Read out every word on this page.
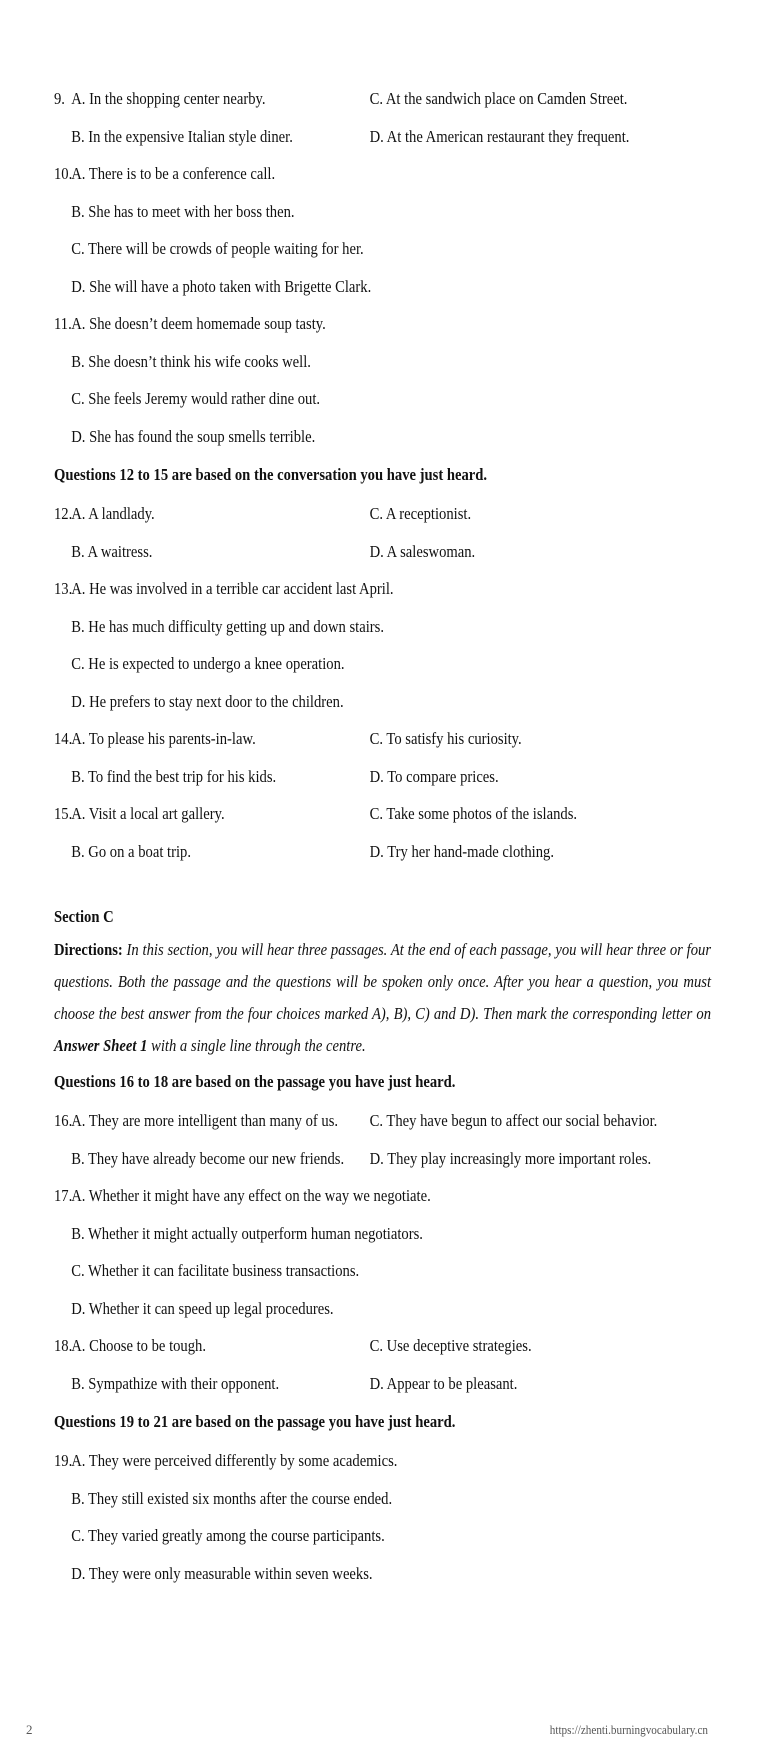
9. A. In the shopping center nearby.	C. At the sandwich place on Camden Street.
B. In the expensive Italian style diner.	D. At the American restaurant they frequent.
10.
A. There is to be a conference call.
B. She has to meet with her boss then.
C. There will be crowds of people waiting for her.
D. She will have a photo taken with Brigette Clark.
11. A. She doesn’t deem homemade soup tasty.
B. She doesn’t think his wife cooks well.
C. She feels Jeremy would rather dine out.
D. She has found the soup smells terrible.
Questions 12 to 15 are based on the conversation you have just heard.
12.
A. A landlady.	C. A receptionist.
B. A waitress.	D. A saleswoman.
13.
A. He was involved in a terrible car accident last April.
B. He has much difficulty getting up and down stairs.
C. He is expected to undergo a knee operation.
D. He prefers to stay next door to the children.
14.
A. To please his parents-in-law.	C. To satisfy his curiosity.
B. To find the best trip for his kids.	D. To compare prices.
15.
A. Visit a local art gallery.	C. Take some photos of the islands.
B. Go on a boat trip.	D. Try her hand-made clothing.
Section C
Directions: In this section, you will hear three passages. At the end of each passage, you will hear three or four questions. Both the passage and the questions will be spoken only once. After you hear a question, you must choose the best answer from the four choices marked A), B), C) and D). Then mark the corresponding letter on Answer Sheet 1 with a single line through the centre.
Questions 16 to 18 are based on the passage you have just heard.
16.
A. They are more intelligent than many of us. C. They have begun to affect our social behavior.
B. They have already become our new friends. D. They play increasingly more important roles.
17.
A. Whether it might have any effect on the way we negotiate.
B. Whether it might actually outperform human negotiators.
C. Whether it can facilitate business transactions.
D. Whether it can speed up legal procedures.
18.
A. Choose to be tough.	C. Use deceptive strategies.
B. Sympathize with their opponent.	D. Appear to be pleasant.
Questions 19 to 21 are based on the passage you have just heard.
19.
A. They were perceived differently by some academics.
B. They still existed six months after the course ended.
C. They varied greatly among the course participants.
D. They were only measurable within seven weeks.
2	https://zhenti.burningvocabulary.cn
